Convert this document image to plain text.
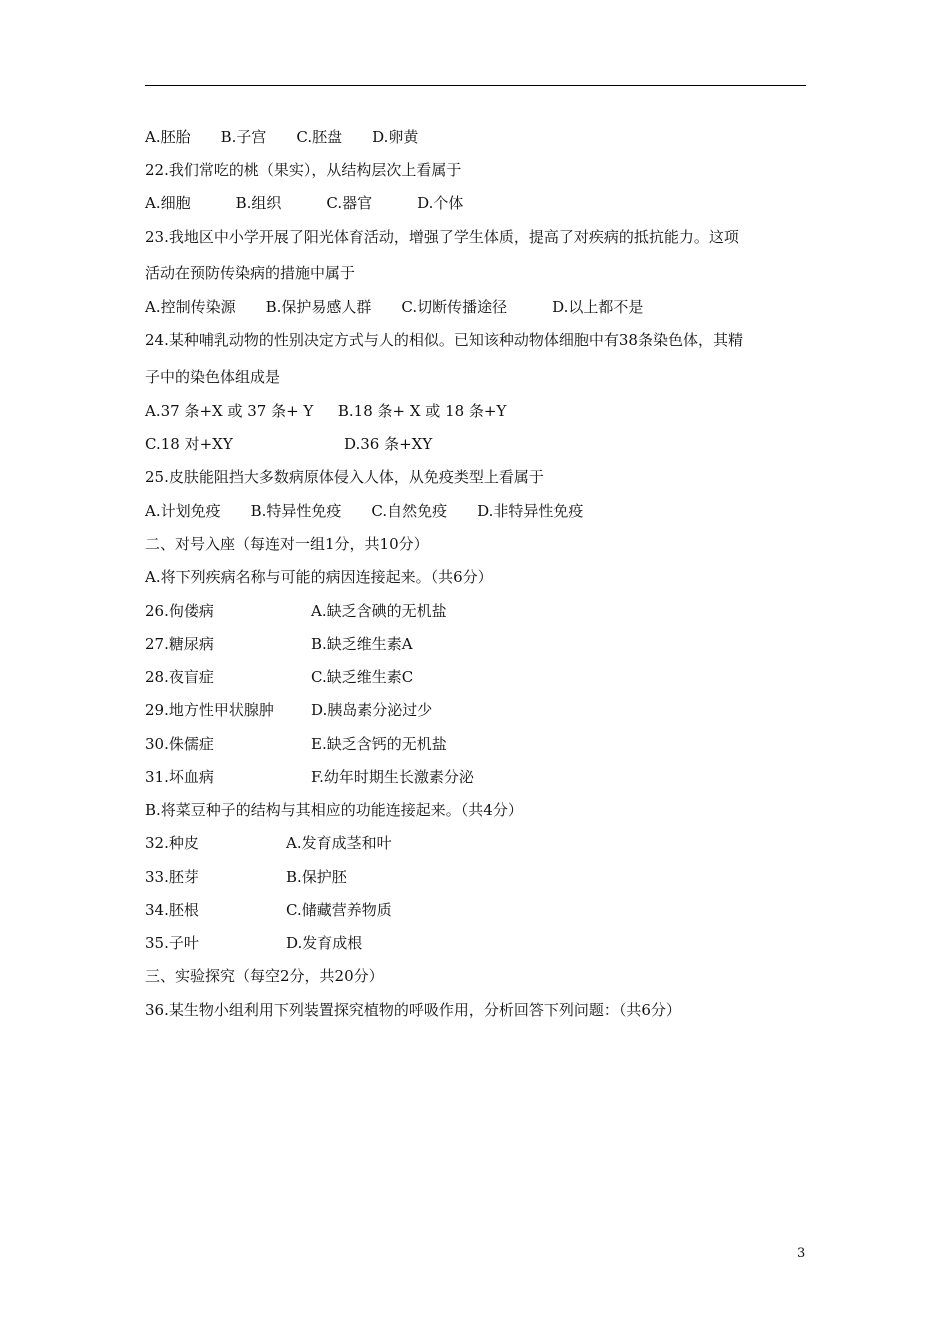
A.胚胎　　B.子宫　　C.胚盘　　D.卵黄
22.我们常吃的桃（果实），从结构层次上看属于
A.细胞　　　B.组织　　　C.器官　　　D.个体
23.我地区中小学开展了阳光体育活动，增强了学生体质，提高了对疾病的抵抗能力。这项
活动在预防传染病的措施中属于
A.控制传染源　　B.保护易感人群　　C.切断传播途径　　　D.以上都不是
24.某种哺乳动物的性别决定方式与人的相似。已知该种动物体细胞中有38条染色体，其精
子中的染色体组成是
A.37 条+X 或 37 条+ Y 　 B.18 条+ X 或 18 条+Y
C.18 对+XY	D.36 条+XY
25.皮肤能阻挡大多数病原体侵入人体，从免疫类型上看属于
A.计划免疫　　B.特异性免疫　　C.自然免疫　　D.非特异性免疫
二、对号入座（每连对一组1分，共10分）
A.将下列疾病名称与可能的病因连接起来。（共6分）
26.佝偻病	A.缺乏含碘的无机盐
27.糖尿病	B.缺乏维生素A
28.夜盲症	C.缺乏维生素C
29.地方性甲状腺肿 D.胰岛素分泌过少
30.侏儒症	E.缺乏含钙的无机盐
31.坏血病	F.幼年时期生长激素分泌
B.将菜豆种子的结构与其相应的功能连接起来。（共4分）
32.种皮	A.发育成茎和叶
33.胚芽	B.保护胚
34.胚根	C.储藏营养物质
35.子叶	D.发育成根
三、实验探究（每空2分，共20分）
36.某生物小组利用下列装置探究植物的呼吸作用，分析回答下列问题：（共6分）
3
